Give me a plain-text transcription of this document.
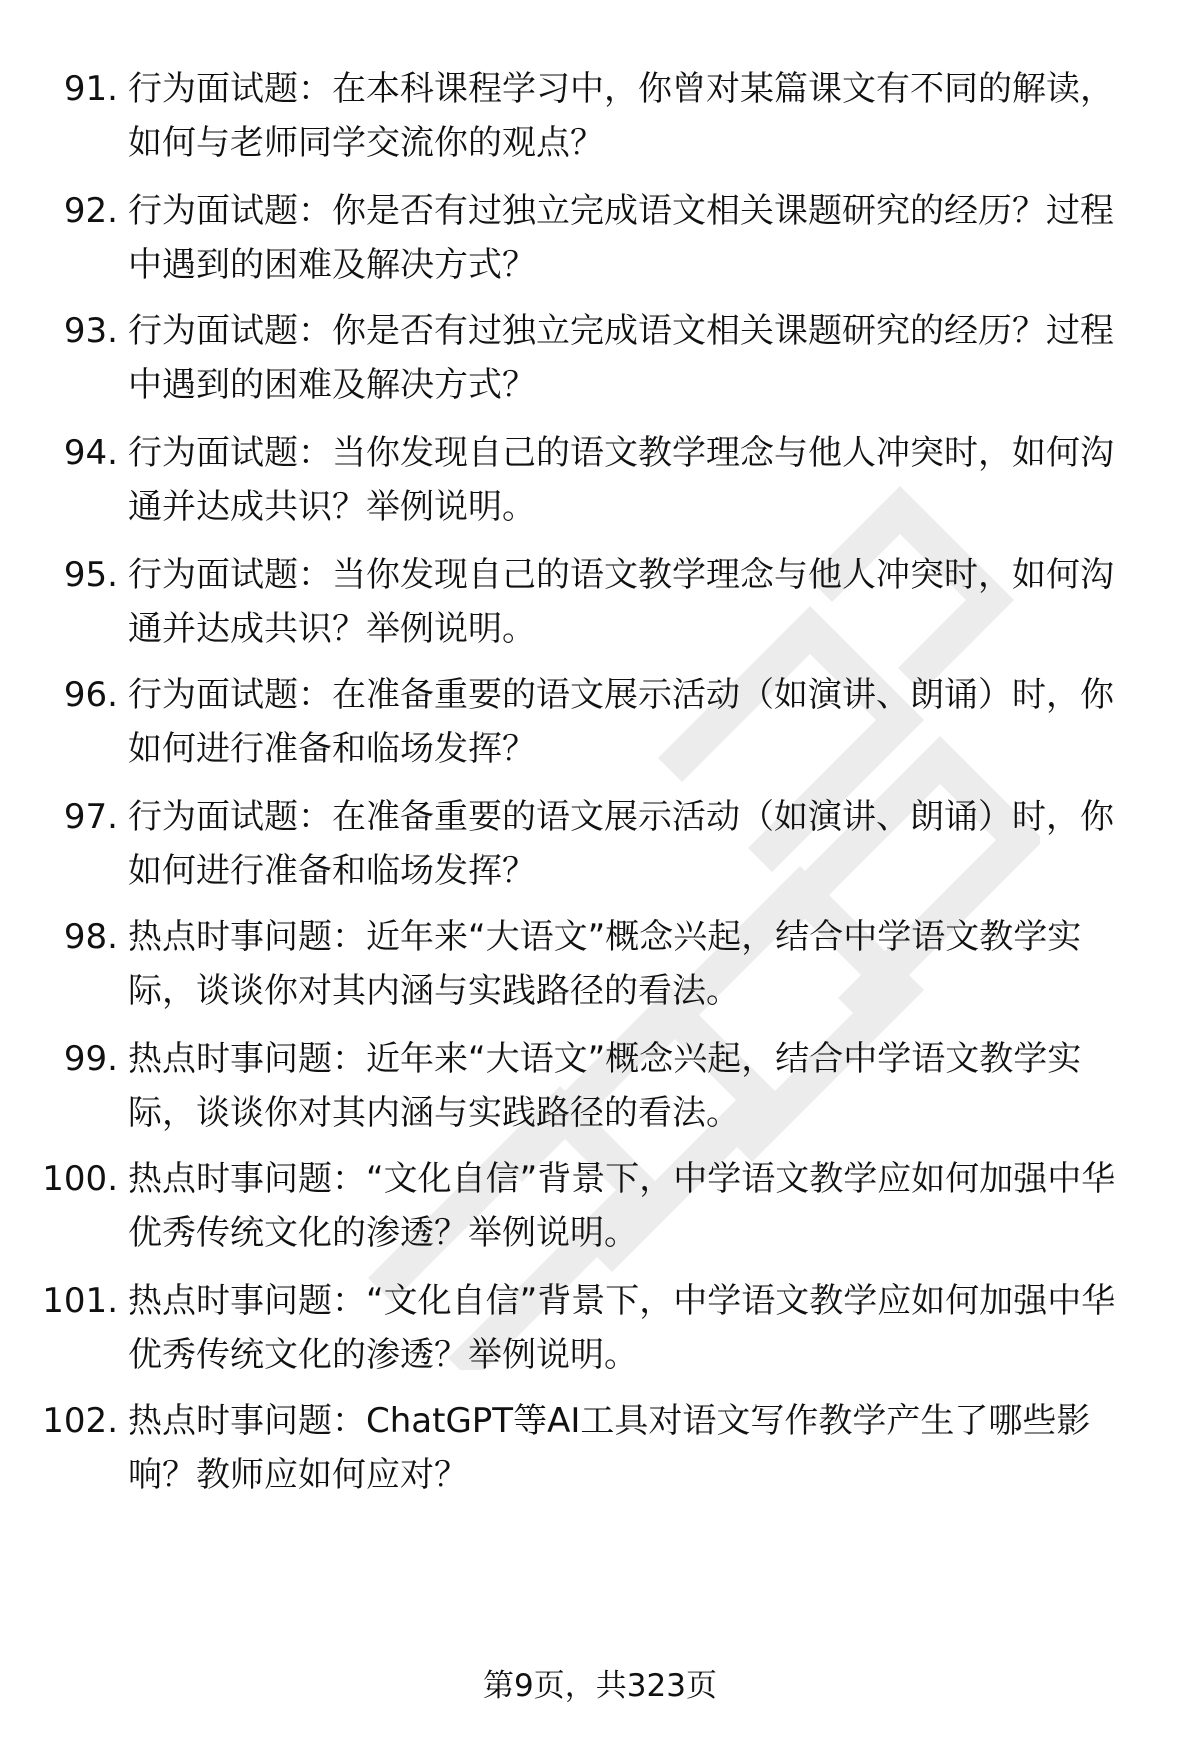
91. 行为面试题：在本科课程学习中，你曾对某篇课文有不同的解读，如何与老师同学交流你的观点？
92. 行为面试题：你是否有过独立完成语文相关课题研究的经历？过程中遇到的困难及解决方式？
93. 行为面试题：你是否有过独立完成语文相关课题研究的经历？过程中遇到的困难及解决方式？
94. 行为面试题：当你发现自己的语文教学理念与他人冲突时，如何沟通并达成共识？举例说明。
95. 行为面试题：当你发现自己的语文教学理念与他人冲突时，如何沟通并达成共识？举例说明。
96. 行为面试题：在准备重要的语文展示活动（如演讲、朗诵）时，你如何进行准备和临场发挥？
97. 行为面试题：在准备重要的语文展示活动（如演讲、朗诵）时，你如何进行准备和临场发挥？
98. 热点时事问题：近年来“大语文”概念兴起，结合中学语文教学实际，谈谈你对其内涵与实践路径的看法。
99. 热点时事问题：近年来“大语文”概念兴起，结合中学语文教学实际，谈谈你对其内涵与实践路径的看法。
100. 热点时事问题：“文化自信”背景下，中学语文教学应如何加强中华优秀传统文化的渗透？举例说明。
101. 热点时事问题：“文化自信”背景下，中学语文教学应如何加强中华优秀传统文化的渗透？举例说明。
102. 热点时事问题：ChatGPT等AI工具对语文写作教学产生了哪些影响？教师应如何应对？
第9页，共323页
